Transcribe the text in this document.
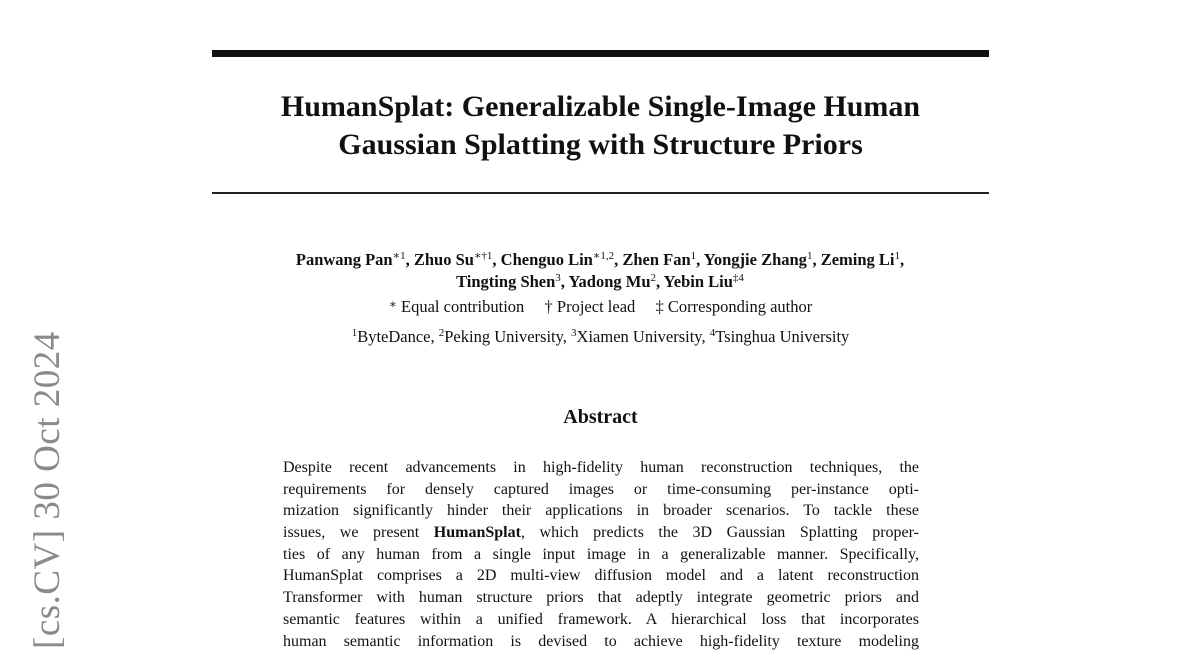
HumanSplat: Generalizable Single-Image Human
Gaussian Splatting with Structure Priors
Panwang Pan$^{∗1}$, Zhuo $Su^{∗\dagger 1}$, Chenguo Lin$^{∗1,2}$, Zhen Fan$^1$, Yongjie Zhang$^1$, Zeming Li$^1$,
Tingting Shen$^3$, Yadong Mu$^2$, Yebin Liu$^{\ddagger 4}$
∗ Equal contribution † Project lead ‡ Corresponding author
$^1$ByteDance, $^2$Peking University, $^3$Xiamen University, $^4$Tsinghua University
Abstract
Despite recent advancements in high-fidelity human reconstruction techniques, the
requirements for densely captured images or time-consuming per-instance opti-
mization significantly hinder their applications in broader scenarios. To tackle these
issues, we present HumanSplat, which predicts the 3D Gaussian Splatting proper-
ties of any human from a single input image in a generalizable manner. Specifically,
HumanSplat comprises a 2D multi-view diffusion model and a latent reconstruction
Transformer with human structure priors that adeptly integrate geometric priors and
semantic features within a unified framework. A hierarchical loss that incorporates
human semantic information is devised to achieve high-fidelity texture modeling
[cs.CV] 30 Oct 2024
